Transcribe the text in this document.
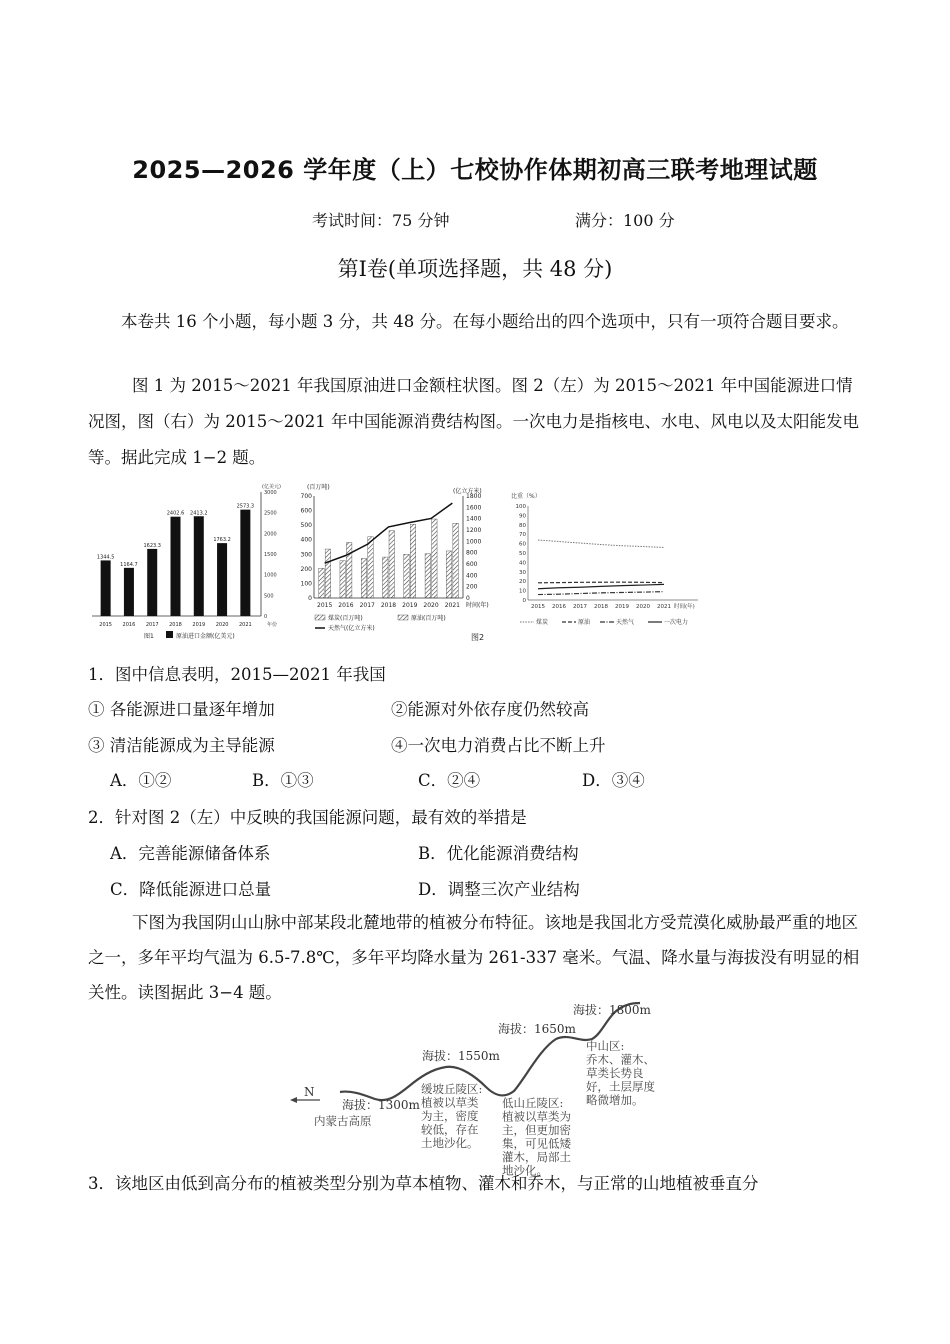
2025—2026 学年度（上）七校协作体期初高三联考地理试题
考试时间：75 分钟	满分：100 分
第Ⅰ卷(单项选择题，共 48 分)
本卷共 16 个小题，每小题 3 分，共 48 分。在每小题给出的四个选项中，只有一项符合题目要求。
图 1 为 2015～2021 年我国原油进口金额柱状图。图 2（左）为 2015～2021 年中国能源进口情况图，图（右）为 2015～2021 年中国能源消费结构图。一次电力是指核电、水电、风电以及太阳能发电等。据此完成 1−2 题。
0
500
1000
1500
2000
2500
3000
(亿美元)
年份
1344.5
2015
1164.7
2016
1623.3
2017
2402.6
2018
2413.2
2019
1763.2
2020
2573.3
2021
图1	原油进口金额(亿美元)
0
100
200
300
400
500
600
700
0
200
400
600
800
1000
1200
1400
1600
1800
(百万吨)
(亿立方米)
2015 2016 2017 2018 2019 2020 2021 时间(年)
煤炭(百万吨)	原油(百万吨)
天然气(亿立方米)
图2
0
10
20
30
40
50
60
70
80
90
100
比重（%）
2015 2016 2017 2018 2019 2020 2021 时间(年)
煤炭	原油	天然气	一次电力
1．图中信息表明，2015—2021 年我国
① 各能源进口量逐年增加	②能源对外依存度仍然较高
③ 清洁能源成为主导能源	④一次电力消费占比不断上升
A．①②	B．①③	C．②④	D．③④
2．针对图 2（左）中反映的我国能源问题，最有效的举措是
A．完善能源储备体系	B．优化能源消费结构
C．降低能源进口总量	D．调整三次产业结构
下图为我国阴山山脉中部某段北麓地带的植被分布特征。该地是我国北方受荒漠化威胁最严重的地区之一，多年平均气温为 6.5-7.8℃，多年平均降水量为 261-337 毫米。气温、降水量与海拔没有明显的相关性。读图据此 3−4 题。
N
内蒙古高原
海拔：1300m
海拔：1550m
海拔：1650m
海拔：1800m
缓坡丘陵区:
植被以草类
为主，密度
较低，存在
土地沙化。
低山丘陵区:
植被以草类为
主，但更加密
集，可见低矮
灌木，局部土
地沙化。
中山区:
乔木、灌木、
草类长势良
好，土层厚度
略微增加。
3．该地区由低到高分布的植被类型分别为草本植物、灌木和乔木，与正常的山地植被垂直分
